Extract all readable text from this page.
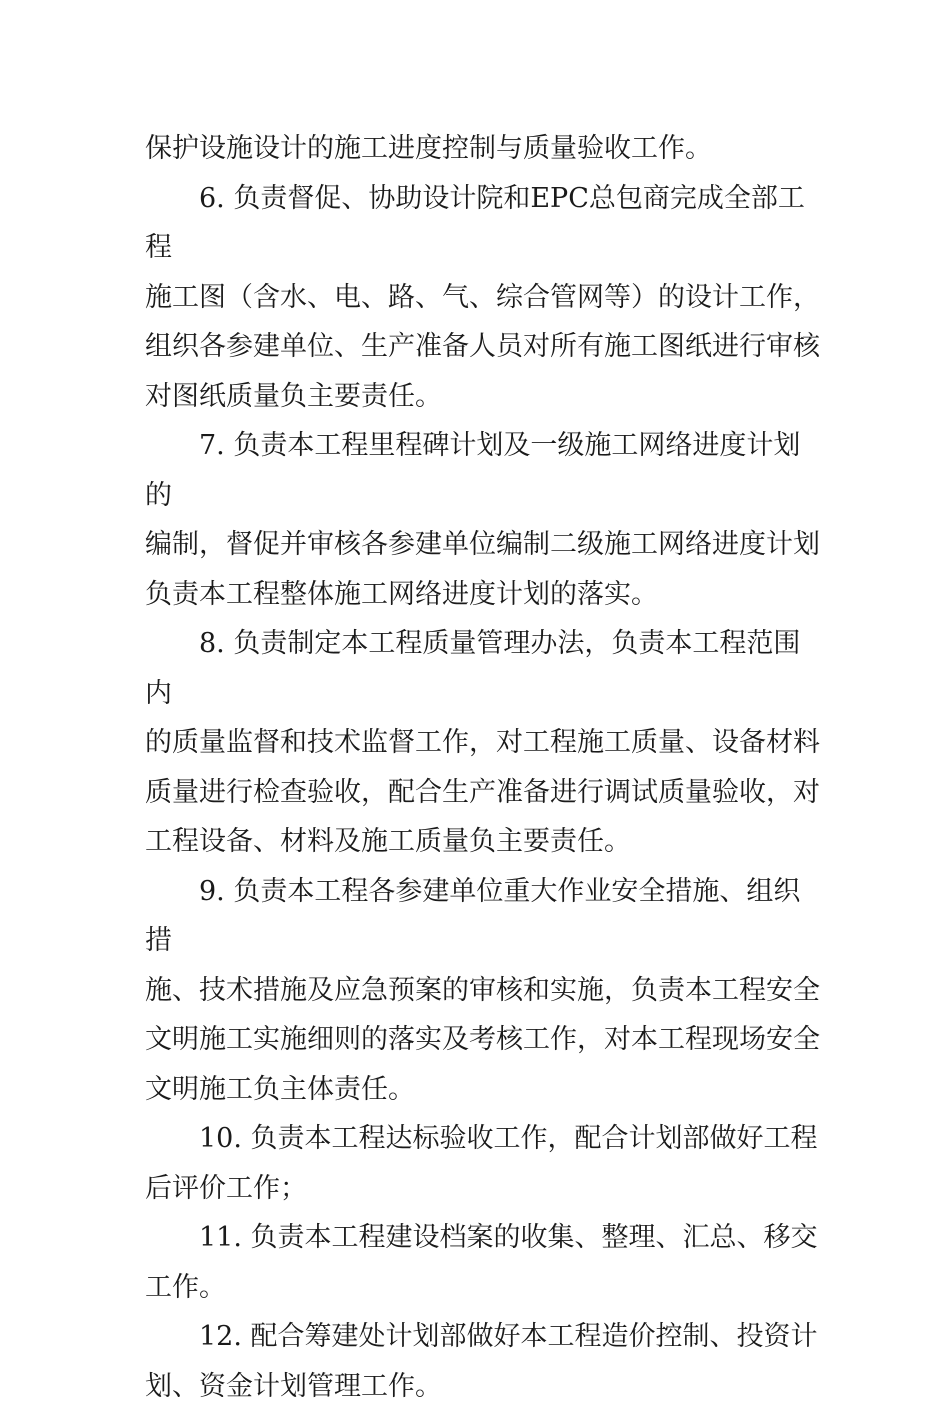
保护设施设计的施工进度控制与质量验收工作。

6. 负责督促、协助设计院和EPC总包商完成全部工程
施工图（含水、电、路、气、综合管网等）的设计工作，
组织各参建单位、生产准备人员对所有施工图纸进行审核
对图纸质量负主要责任。

7. 负责本工程里程碑计划及一级施工网络进度计划的
编制，督促并审核各参建单位编制二级施工网络进度计划
负责本工程整体施工网络进度计划的落实。

8. 负责制定本工程质量管理办法，负责本工程范围内
的质量监督和技术监督工作，对工程施工质量、设备材料
质量进行检查验收，配合生产准备进行调试质量验收，对
工程设备、材料及施工质量负主要责任。

9. 负责本工程各参建单位重大作业安全措施、组织措
施、技术措施及应急预案的审核和实施，负责本工程安全
文明施工实施细则的落实及考核工作，对本工程现场安全
文明施工负主体责任。

10. 负责本工程达标验收工作，配合计划部做好工程
后评价工作；

11. 负责本工程建设档案的收集、整理、汇总、移交
工作。

12. 配合筹建处计划部做好本工程造价控制、投资计
划、资金计划管理工作。
